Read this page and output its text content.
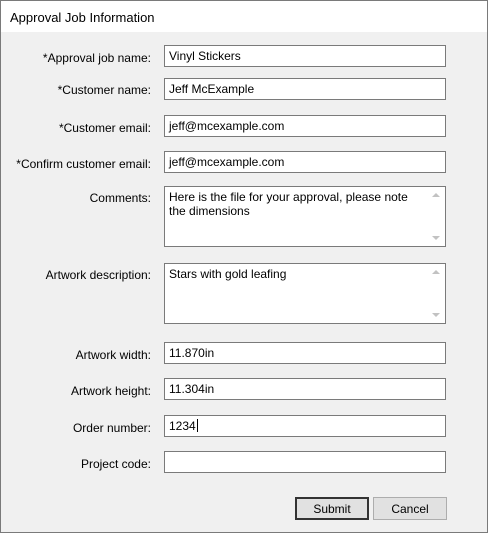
Approval Job Information
*Approval job name:	Vinyl Stickers
*Customer name:	Jeff McExample
*Customer email:	jeff@mcexample.com
*Confirm customer email:	jeff@mcexample.com
Comments: Here is the file for your approval, please note the dimensions
Artwork description: Stars with gold leafing
Artwork width:	11.870in
Artwork height:	11.304in
Order number:	1234
Project code:
Submit	Cancel
